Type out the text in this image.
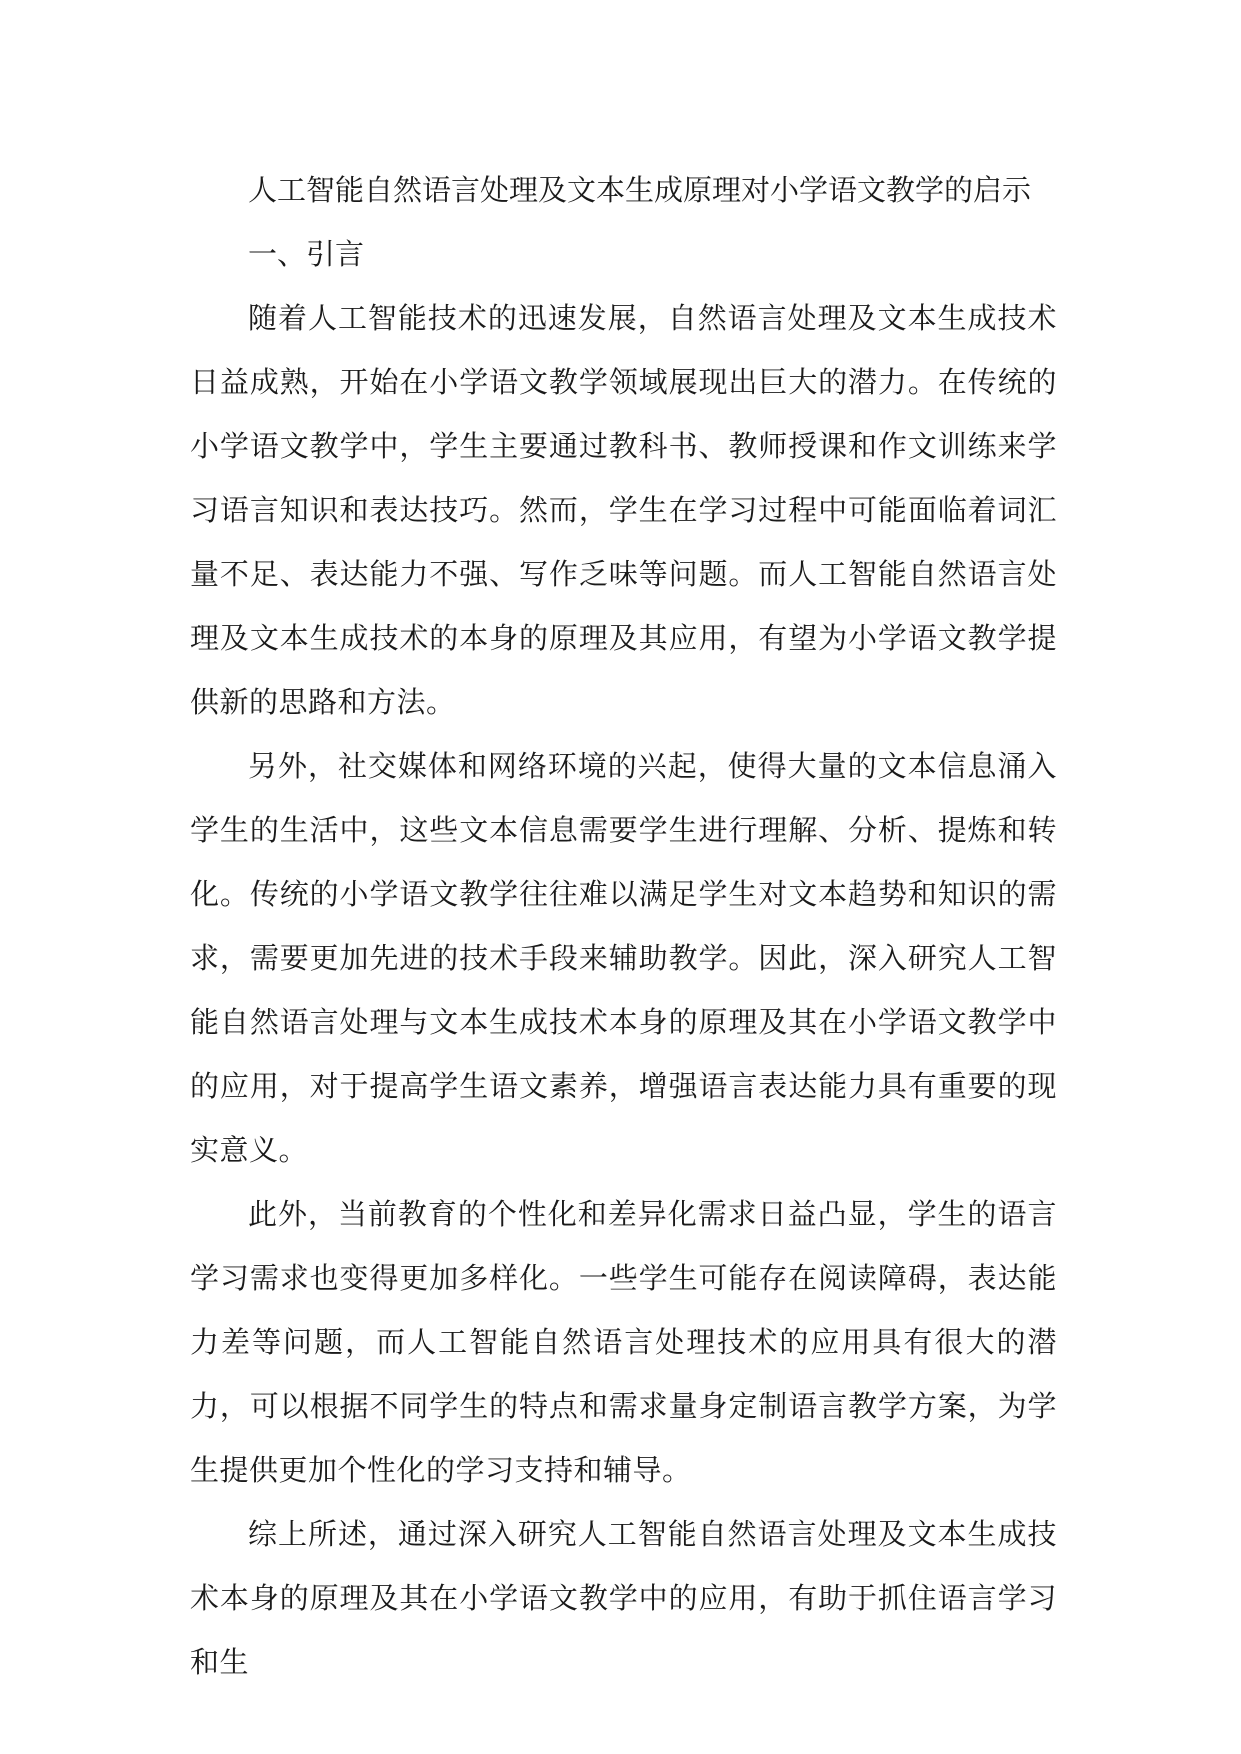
人工智能自然语言处理及文本生成原理对小学语文教学的启示
一、引言

随着人工智能技术的迅速发展，自然语言处理及文本生成技术日益成熟，开始在小学语文教学领域展现出巨大的潜力。在传统的小学语文教学中，学生主要通过教科书、教师授课和作文训练来学习语言知识和表达技巧。然而，学生在学习过程中可能面临着词汇量不足、表达能力不强、写作乏味等问题。而人工智能自然语言处理及文本生成技术的本身的原理及其应用，有望为小学语文教学提供新的思路和方法。

另外，社交媒体和网络环境的兴起，使得大量的文本信息涌入学生的生活中，这些文本信息需要学生进行理解、分析、提炼和转化。传统的小学语文教学往往难以满足学生对文本趋势和知识的需求，需要更加先进的技术手段来辅助教学。因此，深入研究人工智能自然语言处理与文本生成技术本身的原理及其在小学语文教学中的应用，对于提高学生语文素养，增强语言表达能力具有重要的现实意义。

此外，当前教育的个性化和差异化需求日益凸显，学生的语言学习需求也变得更加多样化。一些学生可能存在阅读障碍，表达能力差等问题，而人工智能自然语言处理技术的应用具有很大的潜力，可以根据不同学生的特点和需求量身定制语言教学方案，为学生提供更加个性化的学习支持和辅导。

综上所述，通过深入研究人工智能自然语言处理及文本生成技术本身的原理及其在小学语文教学中的应用，有助于抓住语言学习和生
